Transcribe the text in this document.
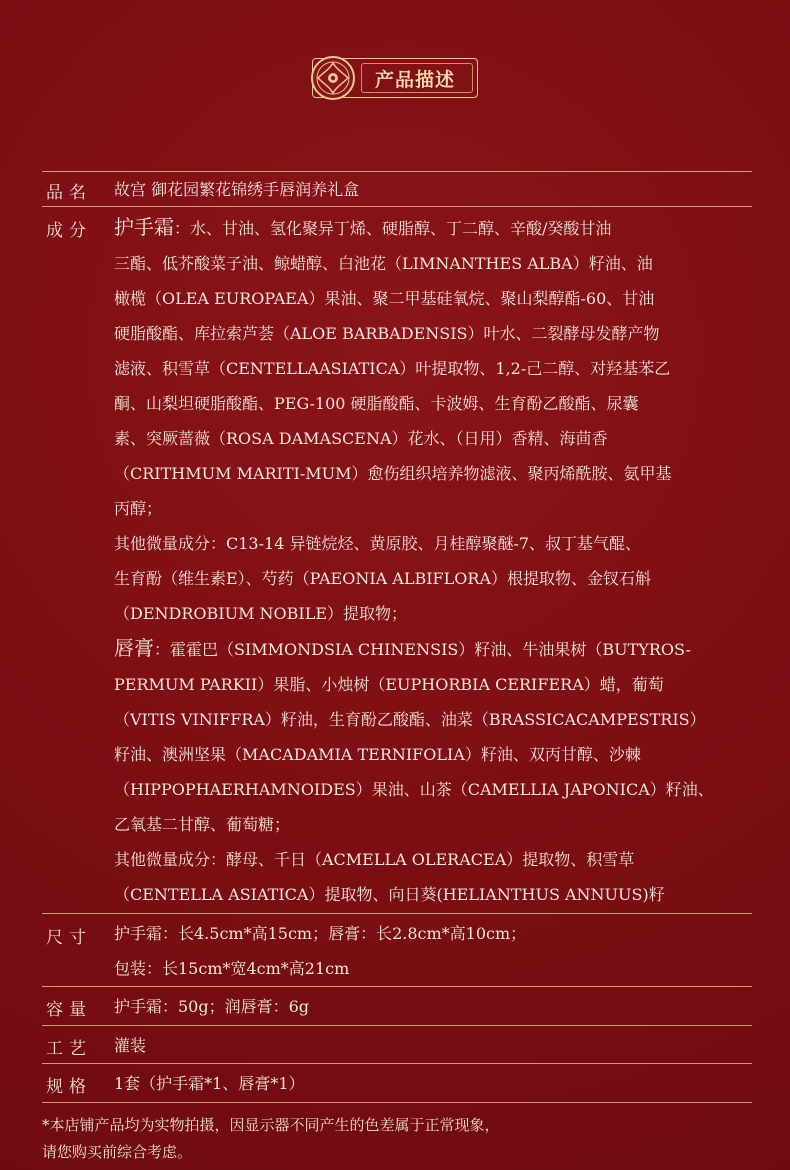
产品描述
品名 故宫 御花园繁花锦绣手唇润养礼盒
成分 护手霜：水、甘油、氢化聚异丁烯、硬脂醇、丁二醇、辛酸/癸酸甘油
三酯、低芥酸菜子油、鲸蜡醇、白池花（LIMNANTHES ALBA）籽油、油
橄榄（OLEA EUROPAEA）果油、聚二甲基硅氧烷、聚山梨醇酯-60、甘油
硬脂酸酯、库拉索芦荟（ALOE BARBADENSIS）叶水、二裂酵母发酵产物
滤液、积雪草（CENTELLAASIATICA）叶提取物、1,2-己二醇、对羟基苯乙
酮、山梨坦硬脂酸酯、PEG-100 硬脂酸酯、卡波姆、生育酚乙酸酯、尿囊
素、突厥蔷薇（ROSA DAMASCENA）花水、（日用）香精、海茴香
（CRITHMUM MARITI-MUM）愈伤组织培养物滤液、聚丙烯酰胺、氨甲基
丙醇；
其他微量成分：C13-14 异链烷烃、黄原胶、月桂醇聚醚-7、叔丁基气醌、
生育酚（维生素E）、芍药（PAEONIA ALBIFLORA）根提取物、金钗石斛
（DENDROBIUM NOBILE）提取物；
唇膏：霍霍巴（SIMMONDSIA CHINENSIS）籽油、牛油果树（BUTYROS-
PERMUM PARKII）果脂、小烛树（EUPHORBIA CERIFERA）蜡，葡萄
（VITIS VINIFFRA）籽油，生育酚乙酸酯、油菜（BRASSICACAMPESTRIS）
籽油、澳洲坚果（MACADAMIA TERNIFOLIA）籽油、双丙甘醇、沙棘
（HIPPOPHAERHAMNOIDES）果油、山茶（CAMELLIA JAPONICA）籽油、
乙氧基二甘醇、葡萄糖；
其他微量成分：酵母、千日（ACMELLA OLERACEA）提取物、积雪草
（CENTELLA ASIATICA）提取物、向日葵(HELIANTHUS ANNUUS)籽
尺寸 护手霜：长4.5cm*高15cm；唇膏：长2.8cm*高10cm；
包装：长15cm*宽4cm*高21cm
容量 护手霜：50g；润唇膏：6g
工艺 灌装
规格 1套（护手霜*1、唇膏*1）
*本店铺产品均为实物拍摄，因显示器不同产生的色差属于正常现象，
请您购买前综合考虑。
